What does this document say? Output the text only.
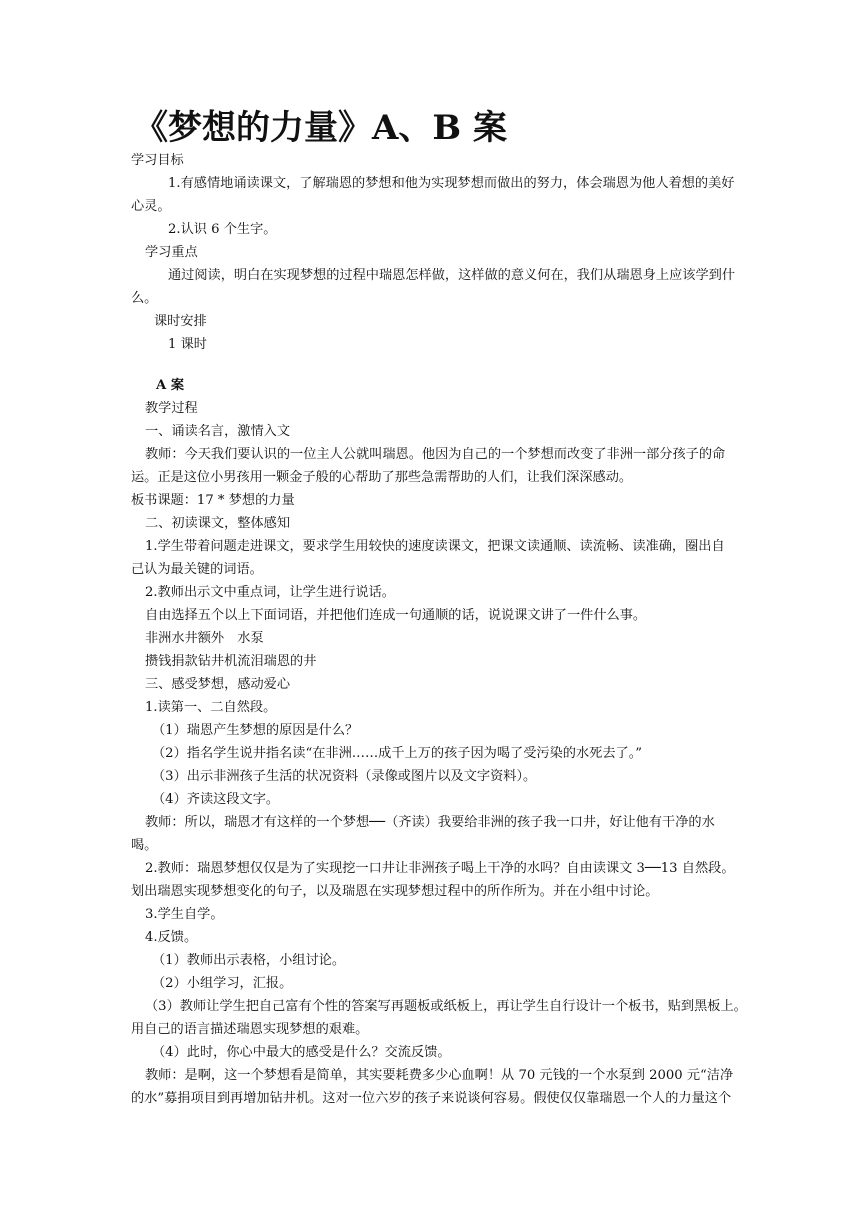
《梦想的力量》A、B 案
学习目标
1.有感情地诵读课文，了解瑞恩的梦想和他为实现梦想而做出的努力，体会瑞恩为他人着想的美好
心灵。
2.认识 6 个生字。
学习重点
通过阅读，明白在实现梦想的过程中瑞恩怎样做，这样做的意义何在，我们从瑞恩身上应该学到什
么。
课时安排
1 课时
A 案
教学过程
一、诵读名言，激情入文
教师：今天我们要认识的一位主人公就叫瑞恩。他因为自己的一个梦想而改变了非洲一部分孩子的命
运。正是这位小男孩用一颗金子般的心帮助了那些急需帮助的人们，让我们深深感动。
板书课题：17 * 梦想的力量
二、初读课文，整体感知
1.学生带着问题走进课文，要求学生用较快的速度读课文，把课文读通顺、读流畅、读准确，圈出自
己认为最关键的词语。
2.教师出示文中重点词，让学生进行说话。
自由选择五个以上下面词语，并把他们连成一句通顺的话，说说课文讲了一件什么事。
非洲水井额外　水泵
攒钱捐款钻井机流泪瑞恩的井
三、感受梦想，感动爱心
1.读第一、二自然段。
（1）瑞恩产生梦想的原因是什么？
（2）指名学生说井指名读“在非洲……成千上万的孩子因为喝了受污染的水死去了。”
（3）出示非洲孩子生活的状况资料（录像或图片以及文字资料）。
（4）齐读这段文字。
教师：所以，瑞恩才有这样的一个梦想──（齐读）我要给非洲的孩子我一口井，好让他有干净的水
喝。
2.教师：瑞恩梦想仅仅是为了实现挖一口井让非洲孩子喝上干净的水吗？自由读课文 3──13 自然段。
划出瑞恩实现梦想变化的句子，以及瑞恩在实现梦想过程中的所作所为。并在小组中讨论。
3.学生自学。
4.反馈。
（1）教师出示表格，小组讨论。
（2）小组学习，汇报。
（3）教师让学生把自己富有个性的答案写再题板或纸板上，再让学生自行设计一个板书，贴到黑板上。
用自己的语言描述瑞恩实现梦想的艰难。
（4）此时，你心中最大的感受是什么？交流反馈。
教师：是啊，这一个梦想看是简单，其实要耗费多少心血啊！从 70 元钱的一个水泵到 2000 元“洁净
的水”募捐项目到再增加钻井机。这对一位六岁的孩子来说谈何容易。假使仅仅靠瑞恩一个人的力量这个
